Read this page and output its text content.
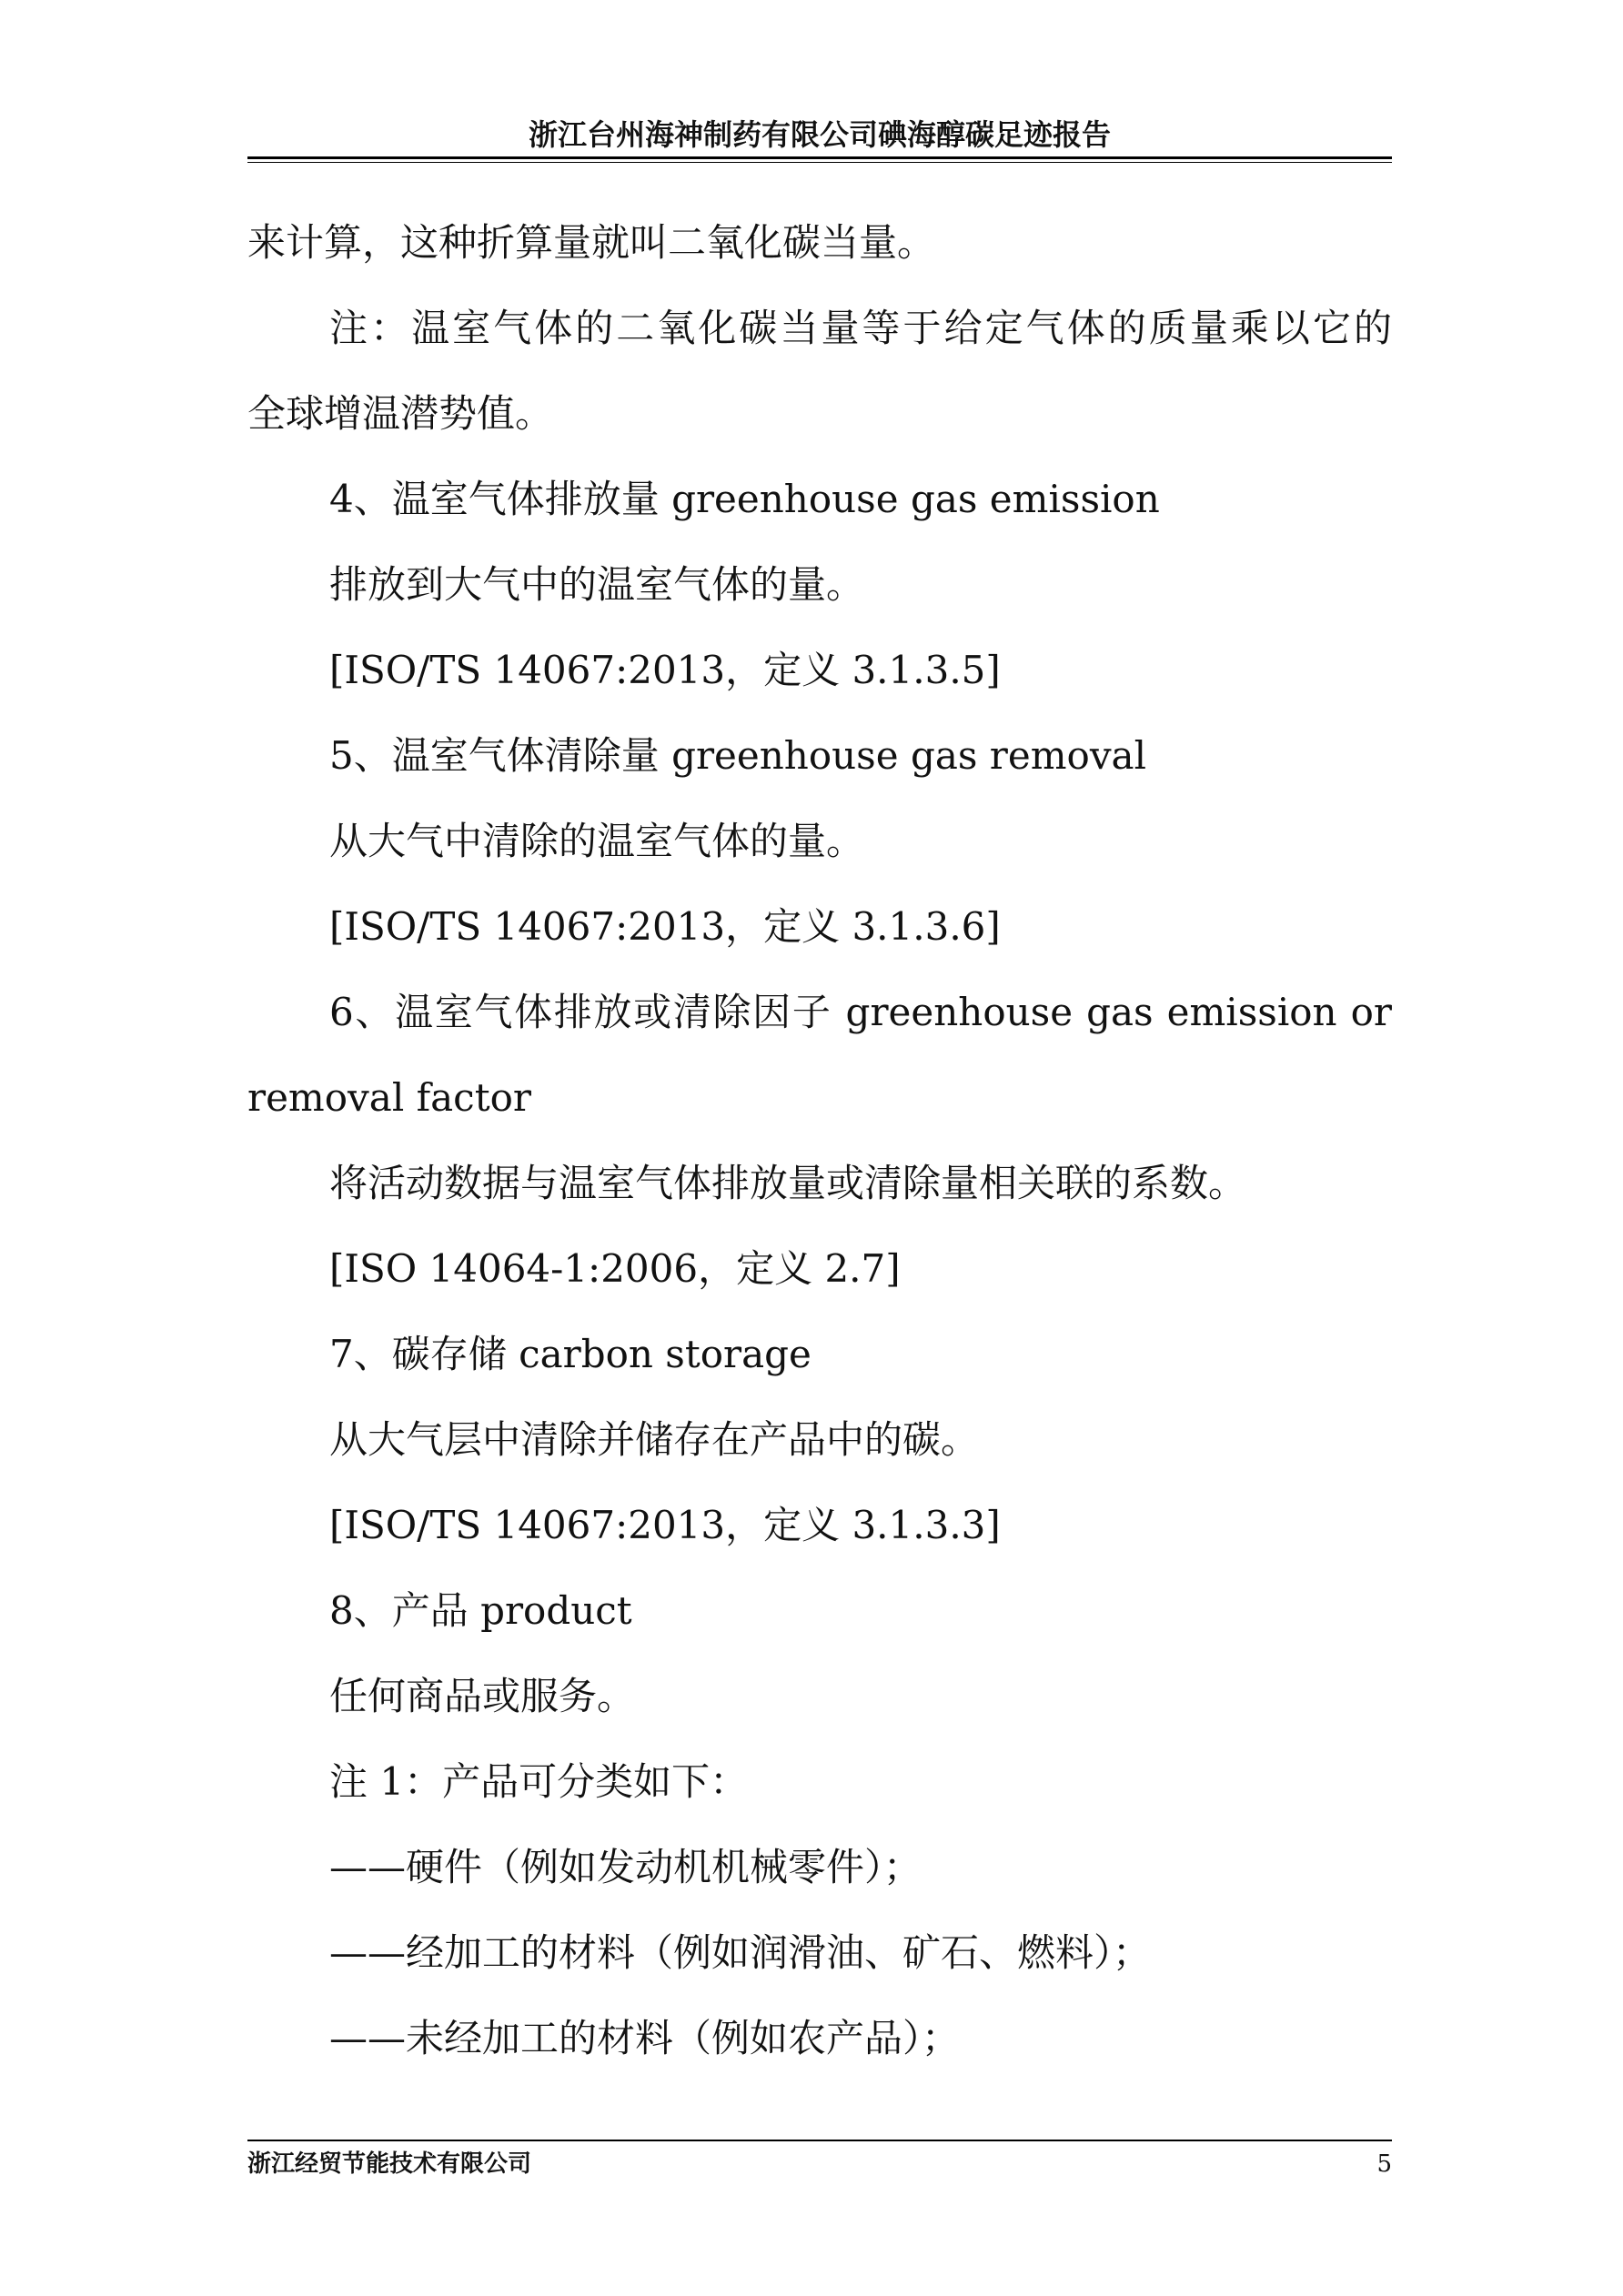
浙江台州海神制药有限公司碘海醇碳足迹报告
来计算，这种折算量就叫二氧化碳当量。
注：温室气体的二氧化碳当量等于给定气体的质量乘以它的
全球增温潜势值。
4、温室气体排放量 greenhouse gas emission
排放到大气中的温室气体的量。
[ISO/TS 14067:2013，定义 3.1.3.5]
5、温室气体清除量 greenhouse gas removal
从大气中清除的温室气体的量。
[ISO/TS 14067:2013，定义 3.1.3.6]
6、温室气体排放或清除因子 greenhouse gas emission or
removal factor
将活动数据与温室气体排放量或清除量相关联的系数。
[ISO 14064-1:2006，定义 2.7]
7、碳存储 carbon storage
从大气层中清除并储存在产品中的碳。
[ISO/TS 14067:2013，定义 3.1.3.3]
8、产品 product
任何商品或服务。
注 1：产品可分类如下：
——硬件（例如发动机机械零件）；
——经加工的材料（例如润滑油、矿石、燃料）；
——未经加工的材料（例如农产品）；
浙江经贸节能技术有限公司	5
